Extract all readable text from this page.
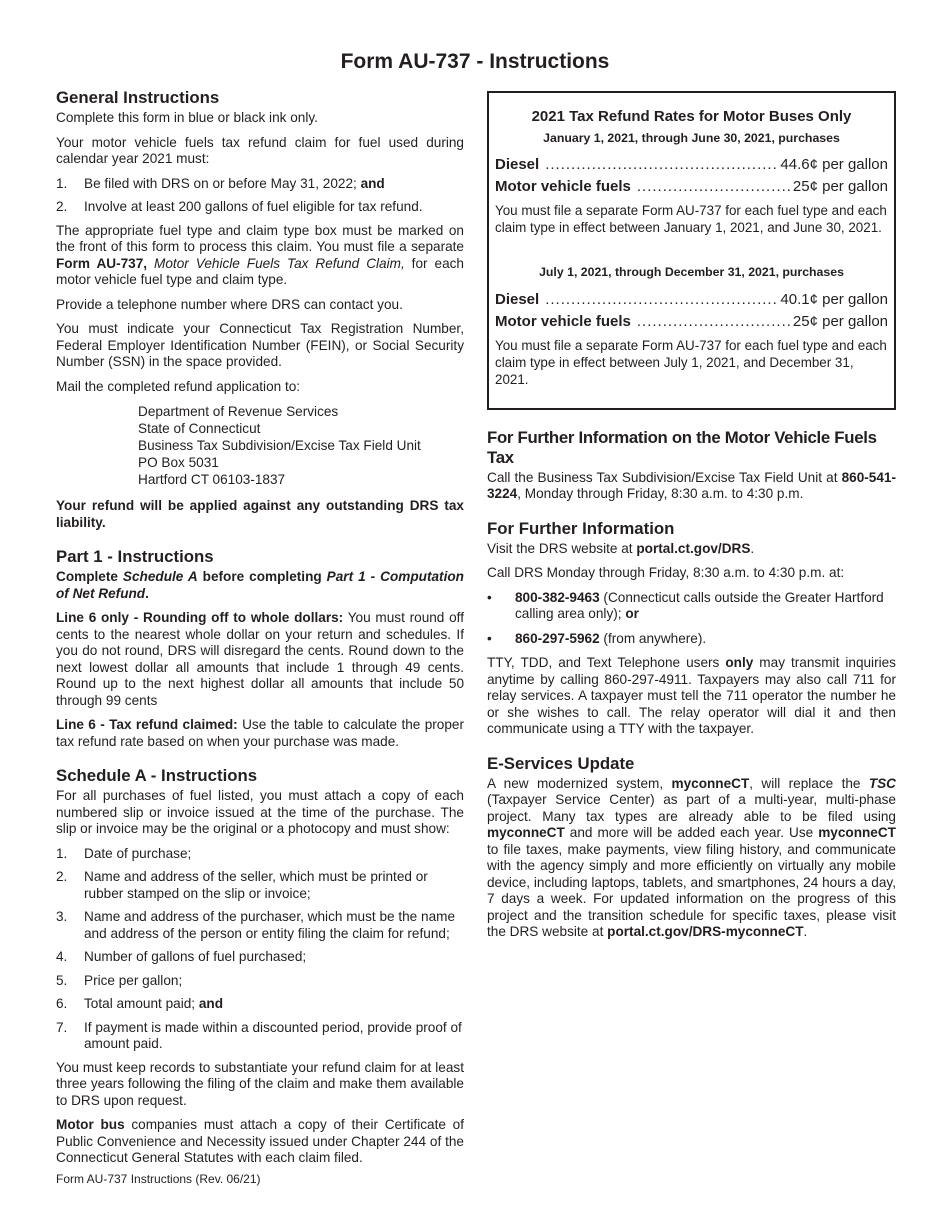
Form AU-737 - Instructions
General Instructions

Complete this form in blue or black ink only.

Your motor vehicle fuels tax refund claim for fuel used during calendar year 2021 must:

1. Be filed with DRS on or before May 31, 2022; and
2. Involve at least 200 gallons of fuel eligible for tax refund.

The appropriate fuel type and claim type box must be marked on the front of this form to process this claim. You must file a separate Form AU-737, Motor Vehicle Fuels Tax Refund Claim, for each motor vehicle fuel type and claim type.

Provide a telephone number where DRS can contact you.

You must indicate your Connecticut Tax Registration Number, Federal Employer Identification Number (FEIN), or Social Security Number (SSN) in the space provided.

Mail the completed refund application to:

Department of Revenue Services
State of Connecticut
Business Tax Subdivision/Excise Tax Field Unit
PO Box 5031
Hartford CT 06103-1837

Your refund will be applied against any outstanding DRS tax liability.

Part 1 - Instructions

Complete Schedule A before completing Part 1 - Computation of Net Refund.

Line 6 only - Rounding off to whole dollars: You must round off cents to the nearest whole dollar on your return and schedules. If you do not round, DRS will disregard the cents. Round down to the next lowest dollar all amounts that include 1 through 49 cents. Round up to the next highest dollar all amounts that include 50 through 99 cents

Line 6 - Tax refund claimed: Use the table to calculate the proper tax refund rate based on when your purchase was made.

Schedule A - Instructions

For all purchases of fuel listed, you must attach a copy of each numbered slip or invoice issued at the time of the purchase. The slip or invoice may be the original or a photocopy and must show:

1. Date of purchase;
2. Name and address of the seller, which must be printed or rubber stamped on the slip or invoice;
3. Name and address of the purchaser, which must be the name and address of the person or entity filing the claim for refund;
4. Number of gallons of fuel purchased;
5. Price per gallon;
6. Total amount paid; and
7. If payment is made within a discounted period, provide proof of amount paid.

You must keep records to substantiate your refund claim for at least three years following the filing of the claim and make them available to DRS upon request.

Motor bus companies must attach a copy of their Certificate of Public Convenience and Necessity issued under Chapter 244 of the Connecticut General Statutes with each claim filed.

2021 Tax Refund Rates for Motor Buses Only
January 1, 2021, through June 30, 2021, purchases
Diesel .....	44.6¢ per gallon
Motor vehicle fuels .....	25¢ per gallon

You must file a separate Form AU-737 for each fuel type and each claim type in effect between January 1, 2021, and June 30, 2021.

July 1, 2021, through December 31, 2021, purchases
Diesel .....	40.1¢ per gallon
Motor vehicle fuels .....	25¢ per gallon

You must file a separate Form AU-737 for each fuel type and each claim type in effect between July 1, 2021, and December 31, 2021.

For Further Information on the Motor Vehicle Fuels Tax

Call the Business Tax Subdivision/Excise Tax Field Unit at 860-541-3224, Monday through Friday, 8:30 a.m. to 4:30 p.m.

For Further Information

Visit the DRS website at portal.ct.gov/DRS.

Call DRS Monday through Friday, 8:30 a.m. to 4:30 p.m. at:

• 800-382-9463 (Connecticut calls outside the Greater Hartford calling area only); or
• 860-297-5962 (from anywhere).

TTY, TDD, and Text Telephone users only may transmit inquiries anytime by calling 860-297-4911. Taxpayers may also call 711 for relay services. A taxpayer must tell the 711 operator the number he or she wishes to call. The relay operator will dial it and then communicate using a TTY with the taxpayer.

E-Services Update

A new modernized system, myconneCT, will replace the TSC (Taxpayer Service Center) as part of a multi-year, multi-phase project. Many tax types are already able to be filed using myconneCT and more will be added each year. Use myconneCT to file taxes, make payments, view filing history, and communicate with the agency simply and more efficiently on virtually any mobile device, including laptops, tablets, and smartphones, 24 hours a day, 7 days a week. For updated information on the progress of this project and the transition schedule for specific taxes, please visit the DRS website at portal.ct.gov/DRS-myconneCT.

Form AU-737 Instructions (Rev. 06/21)
